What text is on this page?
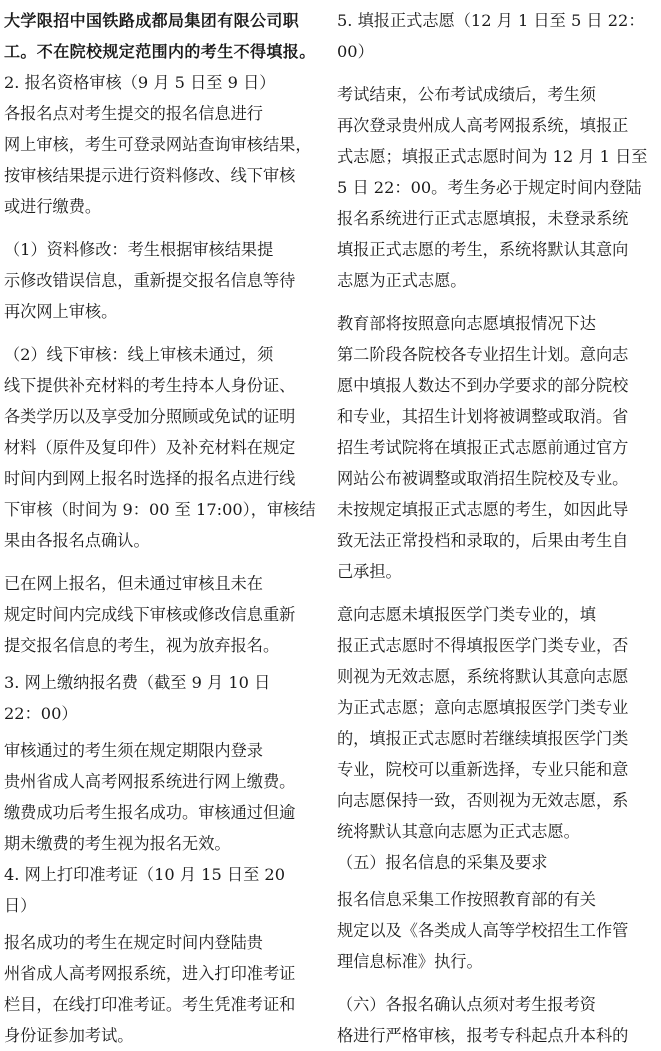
大学限招中国铁路成都局集团有限公司职
工。不在院校规定范围内的考生不得填报。
2. 报名资格审核（9 月 5 日至 9 日）
各报名点对考生提交的报名信息进行
网上审核，考生可登录网站查询审核结果，
按审核结果提示进行资料修改、线下审核
或进行缴费。
（1）资料修改：考生根据审核结果提
示修改错误信息，重新提交报名信息等待
再次网上审核。
（2）线下审核：线上审核未通过，须
线下提供补充材料的考生持本人身份证、
各类学历以及享受加分照顾或免试的证明
材料（原件及复印件）及补充材料在规定
时间内到网上报名时选择的报名点进行线
下审核（时间为 9：00 至 17:00），审核结
果由各报名点确认。
已在网上报名，但未通过审核且未在
规定时间内完成线下审核或修改信息重新
提交报名信息的考生，视为放弃报名。
3. 网上缴纳报名费（截至 9 月 10 日
22：00）
审核通过的考生须在规定期限内登录
贵州省成人高考网报系统进行网上缴费。
缴费成功后考生报名成功。审核通过但逾
期未缴费的考生视为报名无效。
4. 网上打印准考证（10 月 15 日至 20
日）
报名成功的考生在规定时间内登陆贵
州省成人高考网报系统，进入打印准考证
栏目，在线打印准考证。考生凭准考证和
身份证参加考试。
5. 填报正式志愿（12 月 1 日至 5 日 22：
00）
考试结束，公布考试成绩后，考生须
再次登录贵州成人高考网报系统，填报正
式志愿；填报正式志愿时间为 12 月 1 日至
5 日 22：00。考生务必于规定时间内登陆
报名系统进行正式志愿填报，未登录系统
填报正式志愿的考生，系统将默认其意向
志愿为正式志愿。
教育部将按照意向志愿填报情况下达
第二阶段各院校各专业招生计划。意向志
愿中填报人数达不到办学要求的部分院校
和专业，其招生计划将被调整或取消。省
招生考试院将在填报正式志愿前通过官方
网站公布被调整或取消招生院校及专业。
未按规定填报正式志愿的考生，如因此导
致无法正常投档和录取的，后果由考生自
己承担。
意向志愿未填报医学门类专业的，填
报正式志愿时不得填报医学门类专业，否
则视为无效志愿，系统将默认其意向志愿
为正式志愿；意向志愿填报医学门类专业
的，填报正式志愿时若继续填报医学门类
专业，院校可以重新选择，专业只能和意
向志愿保持一致，否则视为无效志愿，系
统将默认其意向志愿为正式志愿。
（五）报名信息的采集及要求
报名信息采集工作按照教育部的有关
规定以及《各类成人高等学校招生工作管
理信息标准》执行。
（六）各报名确认点须对考生报考资
格进行严格审核，报考专科起点升本科的
